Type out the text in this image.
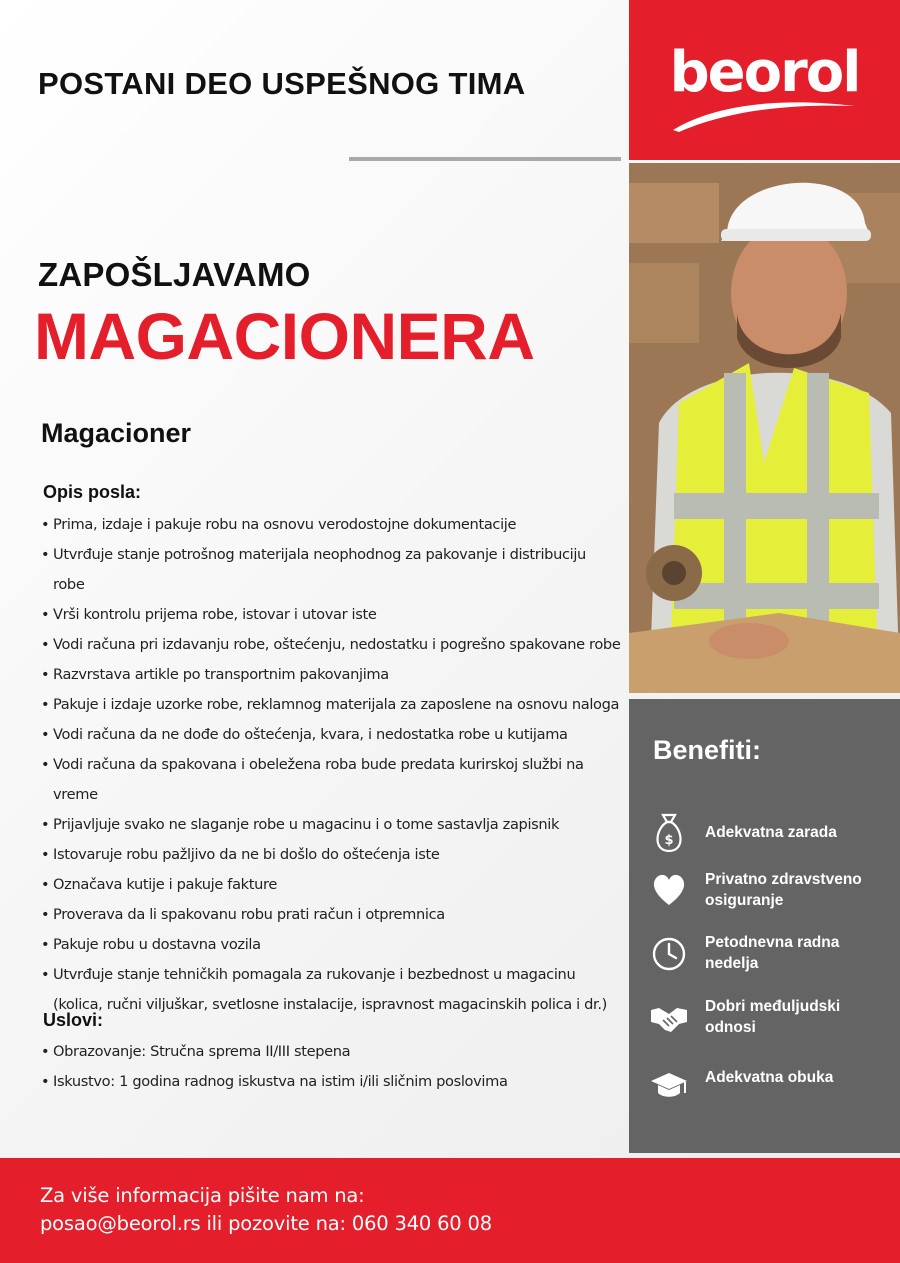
POSTANI DEO USPEŠNOG TIMA
ZAPOŠLJAVAMO
MAGACIONERA
Magacioner
Opis posla:
• Prima, izdaje i pakuje robu na osnovu verodostojne dokumentacije
• Utvrđuje stanje potrošnog materijala neophodnog za pakovanje i distribuciju robe
• Vrši kontrolu prijema robe, istovar i utovar iste
• Vodi računa pri izdavanju robe, oštećenju, nedostatku i pogrešno spakovane robe
• Razvrstava artikle po transportnim pakovanjima
• Pakuje i izdaje uzorke robe, reklamnog materijala za zaposlene na osnovu naloga
• Vodi računa da ne dođe do oštećenja, kvara, i nedostatka robe u kutijama
• Vodi računa da spakovana i obeležena roba bude predata kurirskoj službi na vreme
• Prijavljuje svako ne slaganje robe u magacinu i o tome sastavlja zapisnik
• Istovaruje robu pažljivo da ne bi došlo do oštećenja iste
• Označava kutije i pakuje fakture
• Proverava da li spakovanu robu prati račun i otpremnica
• Pakuje robu u dostavna vozila
• Utvrđuje stanje tehničkih pomagala za rukovanje i bezbednost u magacinu (kolica, ručni viljuškar, svetlosne instalacije, ispravnost magacinskih polica i dr.)
Uslovi:
• Obrazovanje: Stručna sprema II/III stepena
• Iskustvo: 1 godina radnog iskustva na istim i/ili sličnim poslovima
beorol
Benefiti:
$ Adekvatna zarada
Privatno zdravstveno osiguranje
Petodnevna radna nedelja
Dobri međuljudski odnosi
Adekvatna obuka

Za više informacija pišite nam na:

posao@beorol.rs ili pozovite na: 060 340 60 08
